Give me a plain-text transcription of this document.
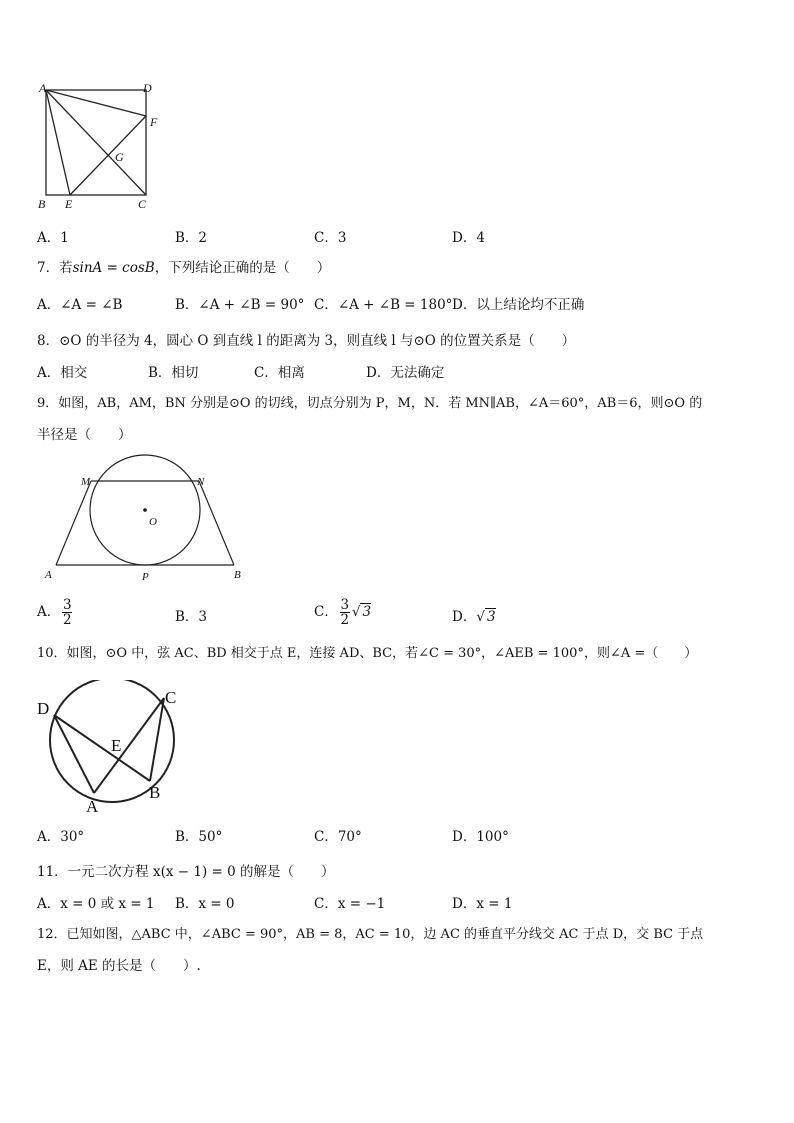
A	D
F
G
B E	C
A．1	B．2	C．3	D．4
7．若sinA = cosB，下列结论正确的是（　　）
A．∠A = ∠B	B．∠A + ∠B = 90° C．∠A + ∠B = 180° D．以上结论均不正确
8．⊙O 的半径为 4，圆心 O 到直线 l 的距离为 3，则直线 l 与⊙O 的位置关系是（　　）
A．相交	B．相切	C．相离	D．无法确定
9．如图，AB，AM，BN 分别是⊙O 的切线，切点分别为 P，M，N．若 MN∥AB，∠A＝60°，AB＝6，则⊙O 的
半径是（　　）
M	N
O
A	P	B
A． $\frac{3}{2}$	B．3	C． $\frac{3}{2}$ √ 3	D．√ 3
10．如图，⊙O 中，弦 AC、BD 相交于点 E，连接 AD、BC，若∠C = 30°，∠AEB = 100°，则∠A =（　　）
D
C
E
A
B
A．30°	B．50°	C．70°	D．100°
11．一元二次方程 x(x − 1) = 0 的解是（　　）
A．x = 0 或 x = 1 B．x = 0	C．x = −1	D．x = 1
12．已知如图，△ABC 中，∠ABC = 90°，AB = 8，AC = 10，边 AC 的垂直平分线交 AC 于点 D，交 BC 于点
E，则 AE 的长是（　　）.
